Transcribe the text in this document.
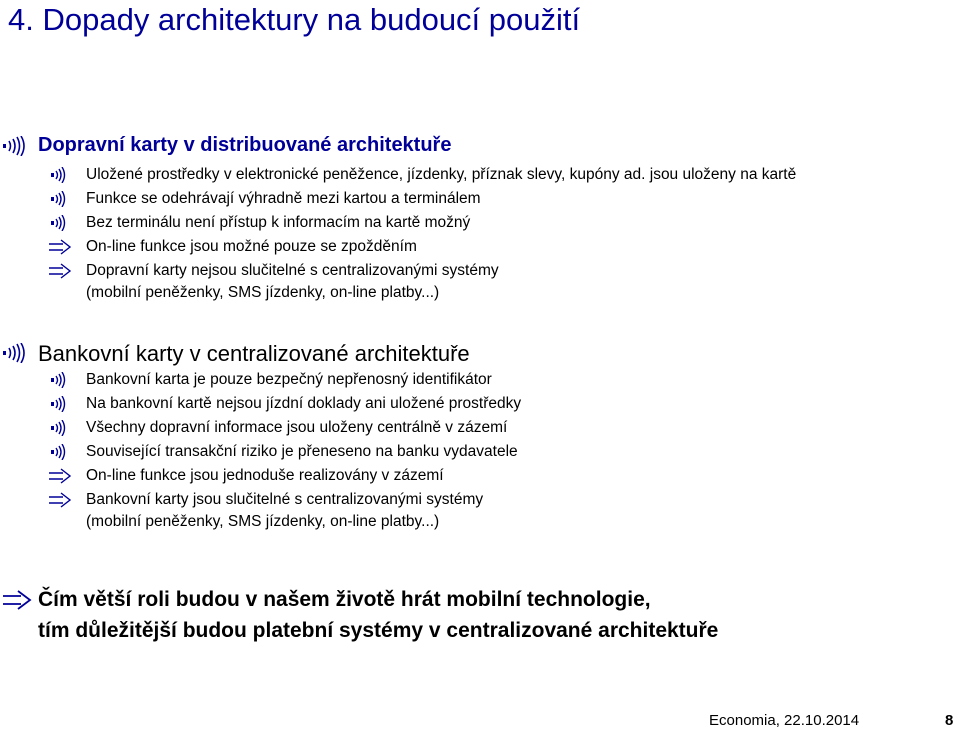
4. Dopady architektury na budoucí použití
Dopravní karty v distribuované architektuře
Uložené prostředky v elektronické peněžence, jízdenky, příznak slevy, kupóny ad. jsou uloženy na kartě
Funkce se odehrávají výhradně mezi kartou a terminálem
Bez terminálu není přístup k informacím na kartě možný
On-line funkce jsou možné pouze se zpožděním
Dopravní karty nejsou slučitelné s centralizovanými systémy
(mobilní peněženky, SMS jízdenky, on-line platby...)
Bankovní karty v centralizované architektuře
Bankovní karta je pouze bezpečný nepřenosný identifikátor
Na bankovní kartě nejsou jízdní doklady ani uložené prostředky
Všechny dopravní informace jsou uloženy centrálně v zázemí
Související transakční riziko je přeneseno na banku vydavatele
On-line funkce jsou jednoduše realizovány v zázemí
Bankovní karty jsou slučitelné s centralizovanými systémy
(mobilní peněženky, SMS jízdenky, on-line platby...)
Čím větší roli budou v našem životě hrát mobilní technologie,
tím důležitější budou platební systémy v centralizované architektuře
Economia, 22.10.2014	8
